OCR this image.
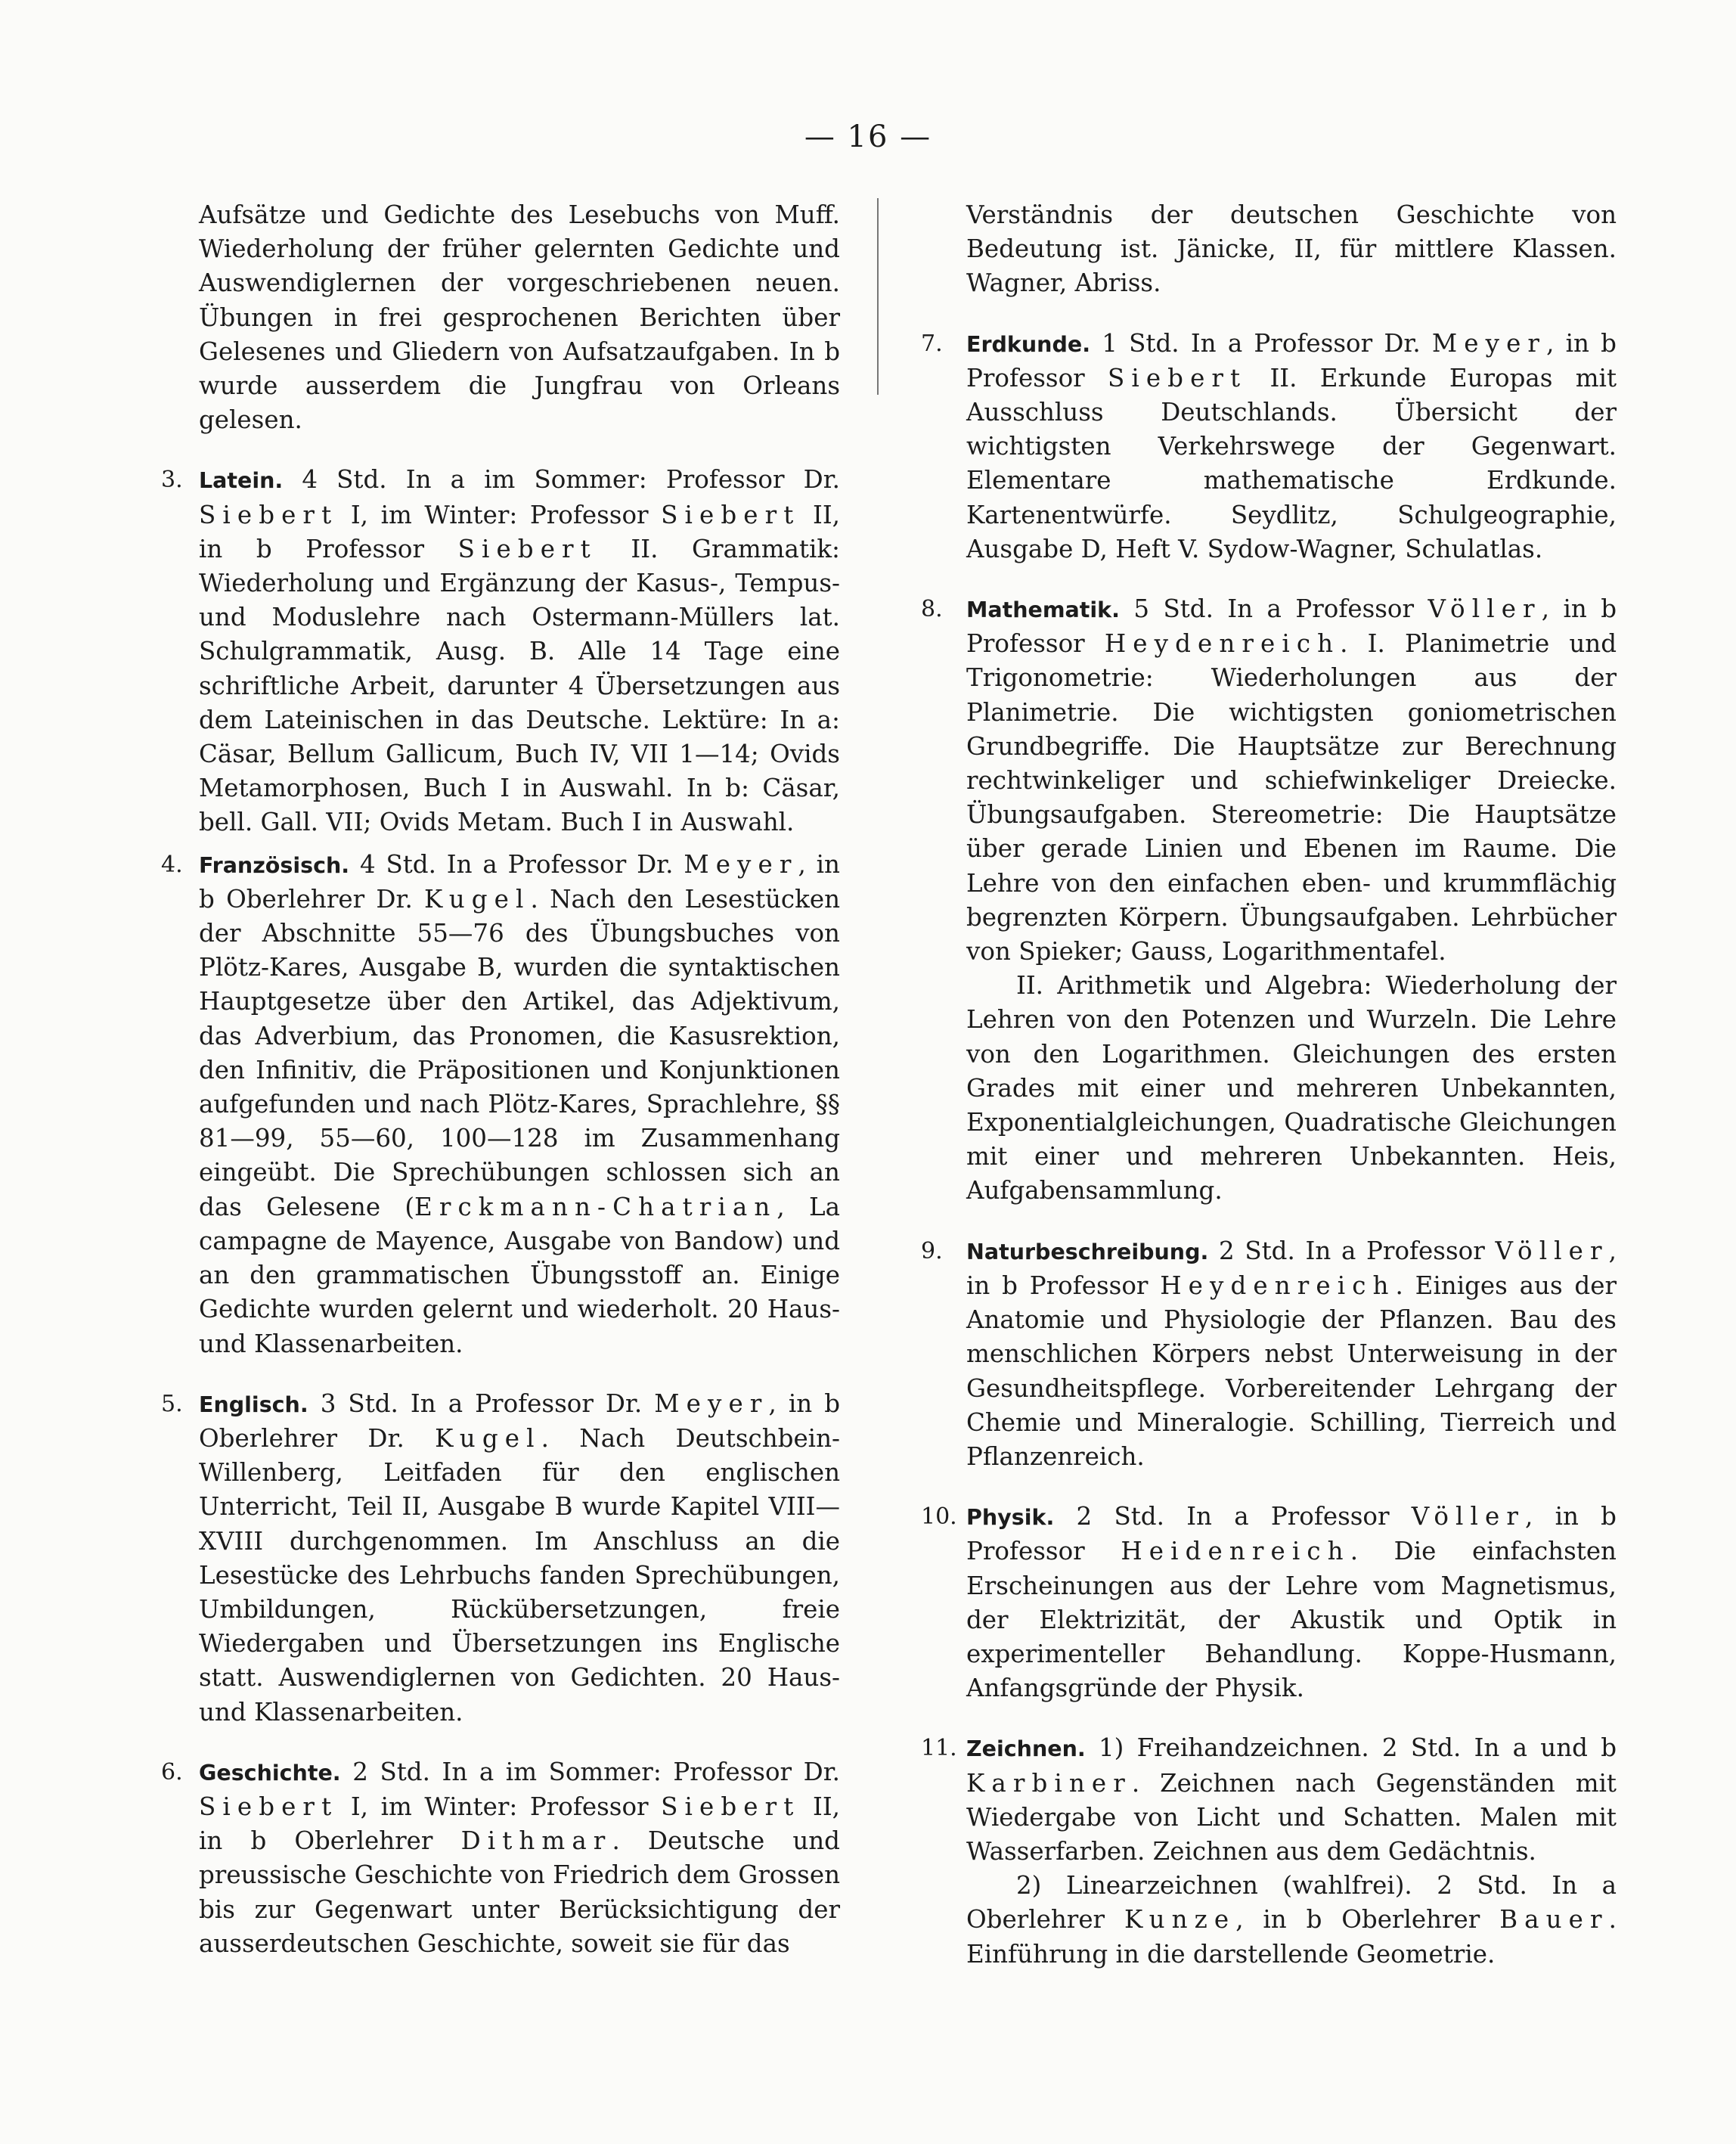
— 16 —

Aufsätze und Gedichte des Lesebuchs von Muff. Wiederholung der früher gelernten Gedichte und Auswendiglernen der vorgeschriebenen neuen. Übungen in frei gesprochenen Berichten über Gelesenes und Gliedern von Aufsatzaufgaben. In b wurde ausserdem die Jungfrau von Orleans gelesen.

3. Latein. 4 Std. In a im Sommer: Professor Dr. Siebert I, im Winter: Professor Siebert II, in b Professor Siebert II. Grammatik: Wiederholung und Ergänzung der Kasus-, Tempus- und Moduslehre nach Ostermann-Müllers lat. Schulgrammatik, Ausg. B. Alle 14 Tage eine schriftliche Arbeit, darunter 4 Übersetzungen aus dem Lateinischen in das Deutsche. Lektüre: In a: Cäsar, Bellum Gallicum, Buch IV, VII 1—14; Ovids Metamorphosen, Buch I in Auswahl. In b: Cäsar, bell. Gall. VII; Ovids Metam. Buch I in Auswahl.

4. Französisch. 4 Std. In a Professor Dr. Meyer, in b Oberlehrer Dr. Kugel. Nach den Lesestücken der Abschnitte 55—76 des Übungsbuches von Plötz-Kares, Ausgabe B, wurden die syntaktischen Hauptgesetze über den Artikel, das Adjektivum, das Adverbium, das Pronomen, die Kasusrektion, den Infinitiv, die Präpositionen und Konjunktionen aufgefunden und nach Plötz-Kares, Sprachlehre, §§ 81—99, 55—60, 100—128 im Zusammenhang eingeübt. Die Sprechübungen schlossen sich an das Gelesene (Erckmann-Chatrian, La campagne de Mayence, Ausgabe von Bandow) und an den grammatischen Übungsstoff an. Einige Gedichte wurden gelernt und wiederholt. 20 Haus- und Klassenarbeiten.

5. Englisch. 3 Std. In a Professor Dr. Meyer, in b Oberlehrer Dr. Kugel. Nach Deutschbein-Willenberg, Leitfaden für den englischen Unterricht, Teil II, Ausgabe B wurde Kapitel VIII—XVIII durchgenommen. Im Anschluss an die Lesestücke des Lehrbuchs fanden Sprechübungen, Umbildungen, Rückübersetzungen, freie Wiedergaben und Übersetzungen ins Englische statt. Auswendiglernen von Gedichten. 20 Haus- und Klassenarbeiten.

6. Geschichte. 2 Std. In a im Sommer: Professor Dr. Siebert I, im Winter: Professor Siebert II, in b Oberlehrer Dithmar. Deutsche und preussische Geschichte von Friedrich dem Grossen bis zur Gegenwart unter Berücksichtigung der ausserdeutschen Geschichte, soweit sie für das

Verständnis der deutschen Geschichte von Bedeutung ist. Jänicke, II, für mittlere Klassen. Wagner, Abriss.

7. Erdkunde. 1 Std. In a Professor Dr. Meyer, in b Professor Siebert II. Erkunde Europas mit Ausschluss Deutschlands. Übersicht der wichtigsten Verkehrswege der Gegenwart. Elementare mathematische Erdkunde. Kartenentwürfe. Seydlitz, Schulgeographie, Ausgabe D, Heft V. Sydow-Wagner, Schulatlas.

8. Mathematik. 5 Std. In a Professor Völler, in b Professor Heydenreich. I. Planimetrie und Trigonometrie: Wiederholungen aus der Planimetrie. Die wichtigsten goniometrischen Grundbegriffe. Die Hauptsätze zur Berechnung rechtwinkeliger und schiefwinkeliger Dreiecke. Übungsaufgaben. Stereometrie: Die Hauptsätze über gerade Linien und Ebenen im Raume. Die Lehre von den einfachen eben- und krummflächig begrenzten Körpern. Übungsaufgaben. Lehrbücher von Spieker; Gauss, Logarithmentafel.

II. Arithmetik und Algebra: Wiederholung der Lehren von den Potenzen und Wurzeln. Die Lehre von den Logarithmen. Gleichungen des ersten Grades mit einer und mehreren Unbekannten, Exponentialgleichungen, Quadratische Gleichungen mit einer und mehreren Unbekannten. Heis, Aufgabensammlung.

9. Naturbeschreibung. 2 Std. In a Professor Völler, in b Professor Heydenreich. Einiges aus der Anatomie und Physiologie der Pflanzen. Bau des menschlichen Körpers nebst Unterweisung in der Gesundheitspflege. Vorbereitender Lehrgang der Chemie und Mineralogie. Schilling, Tierreich und Pflanzenreich.

10. Physik. 2 Std. In a Professor Völler, in b Professor Heidenreich. Die einfachsten Erscheinungen aus der Lehre vom Magnetismus, der Elektrizität, der Akustik und Optik in experimenteller Behandlung. Koppe-Husmann, Anfangsgründe der Physik.

11. Zeichnen. 1) Freihandzeichnen. 2 Std. In a und b Karbiner. Zeichnen nach Gegenständen mit Wiedergabe von Licht und Schatten. Malen mit Wasserfarben. Zeichnen aus dem Gedächtnis.

2) Linearzeichnen (wahlfrei). 2 Std. In a Oberlehrer Kunze, in b Oberlehrer Bauer. Einführung in die darstellende Geometrie.
